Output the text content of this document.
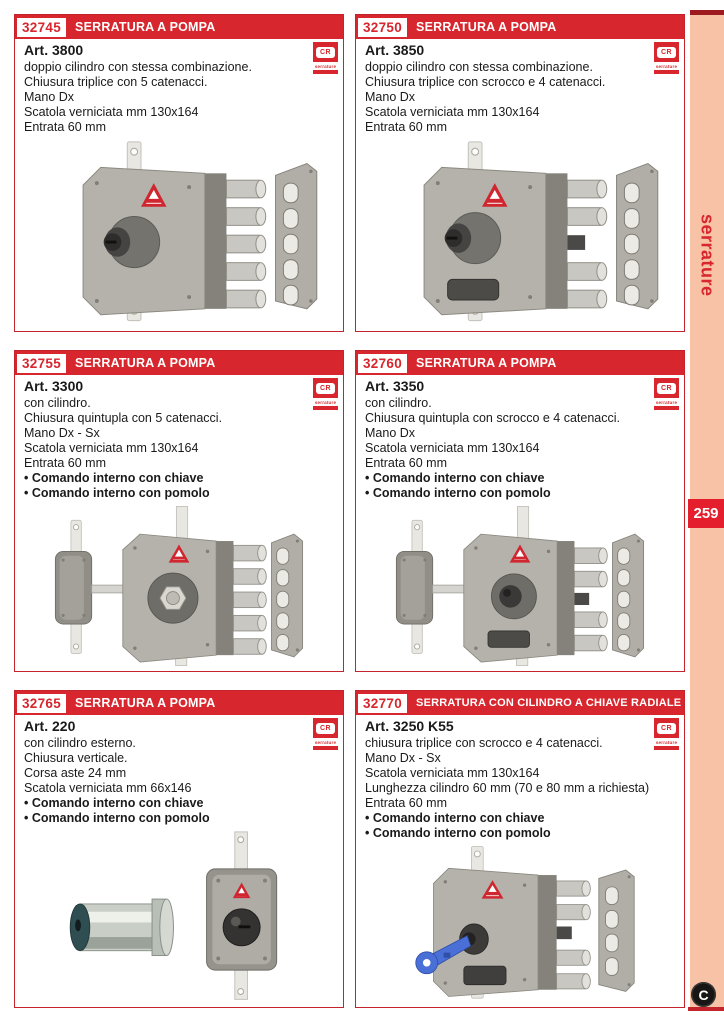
32745	SERRATURA A POMPA
CR
serrature
Art. 3800
doppio cilindro con stessa combinazione.
Chiusura triplice con 5 catenacci.
Mano Dx
Scatola verniciata mm 130x164
Entrata 60 mm
32750	SERRATURA A POMPA
CR
serrature
Art. 3850
doppio cilindro con stessa combinazione.
Chiusura triplice con scrocco e 4 catenacci.
Mano Dx
Scatola verniciata mm 130x164
Entrata 60 mm
32755	SERRATURA A POMPA
CR
serrature
Art. 3300
con cilindro.
Chiusura quintupla con 5 catenacci.
Mano Dx - Sx
Scatola verniciata mm 130x164
Entrata 60 mm
• Comando interno con chiave
• Comando interno con pomolo
32760	SERRATURA A POMPA
CR
serrature
Art. 3350
con cilindro.
Chiusura quintupla con scrocco e 4 catenacci.
Mano Dx
Scatola verniciata mm 130x164
Entrata 60 mm
• Comando interno con chiave
• Comando interno con pomolo
32765	SERRATURA A POMPA
CR
serrature
Art. 220
con cilindro esterno.
Chiusura verticale.
Corsa aste 24 mm
Scatola verniciata mm 66x146
• Comando interno con chiave
• Comando interno con pomolo
32770	SERRATURA CON CILINDRO A CHIAVE RADIALE
CR
serrature
Art. 3250 K55
chiusura triplice con scrocco e 4 catenacci.
Mano Dx - Sx
Scatola verniciata mm 130x164
Lunghezza cilindro 60 mm (70 e 80 mm a richiesta)
Entrata 60 mm
• Comando interno con chiave
• Comando interno con pomolo
serrature
259
C
